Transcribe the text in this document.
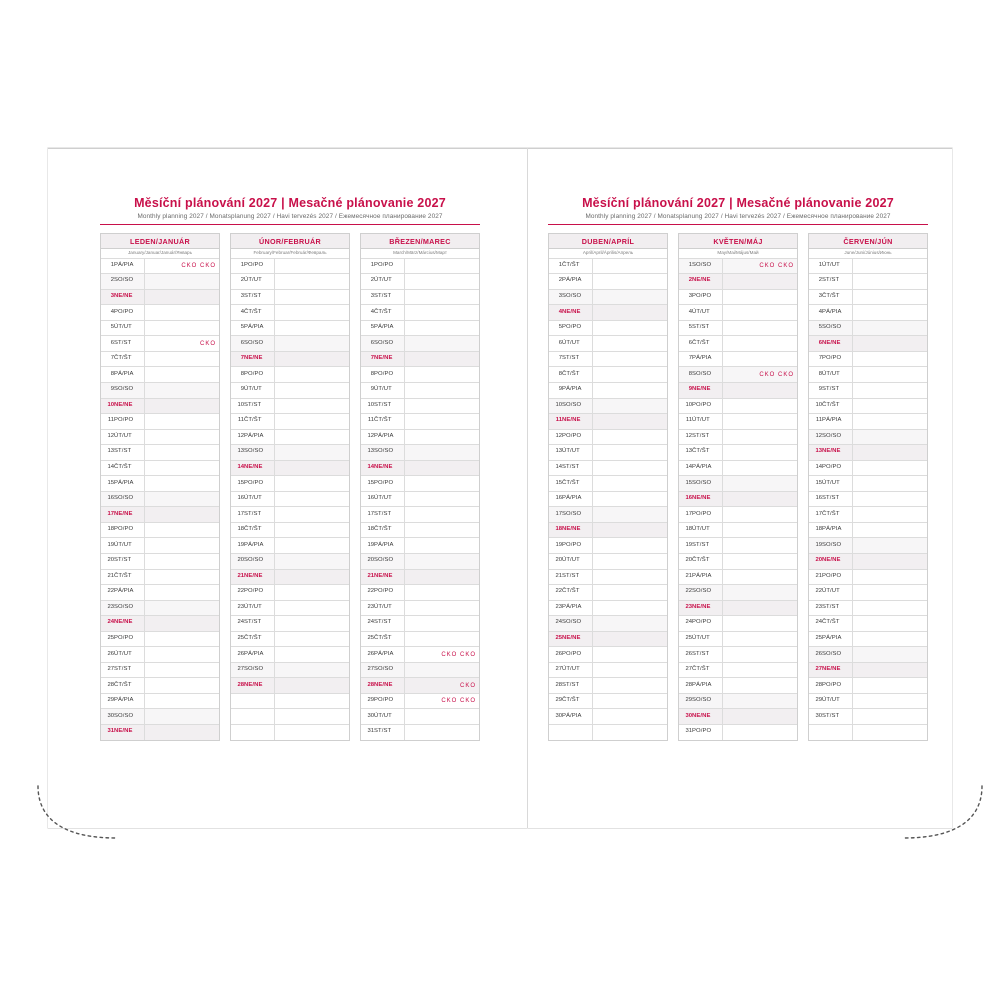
Měsíční plánování 2027 | Mesačné plánovanie 2027
Monthly planning 2027 / Monatsplanung 2027 / Havi tervezés 2027 / Ежемесячное планирование 2027
LEDEN/JANUÁR
January/Januar/Január/Январь
1	PÁ/PIA	CKO CKO

2	SO/SO	
3	NE/NE	
4	PO/PO	
5	ÚT/UT	
6	ST/ST	CKO

7	ČT/ŠT	
8	PÁ/PIA	
9	SO/SO	
10	NE/NE	
11	PO/PO	
12	ÚT/UT	
13	ST/ST	
14	ČT/ŠT	
15	PÁ/PIA	
16	SO/SO	
17	NE/NE	
18	PO/PO	
19	ÚT/UT	
20	ST/ST	
21	ČT/ŠT	
22	PÁ/PIA	
23	SO/SO	
24	NE/NE	
25	PO/PO	
26	ÚT/UT	
27	ST/ST	
28	ČT/ŠT	
29	PÁ/PIA	
30	SO/SO	
31	NE/NE	
ÚNOR/FEBRUÁR
February/Februar/Február/Февраль
1	PO/PO	
2	ÚT/UT	
3	ST/ST	
4	ČT/ŠT	
5	PÁ/PIA	
6	SO/SO	
7	NE/NE	
8	PO/PO	
9	ÚT/UT	
10	ST/ST	
11	ČT/ŠT	
12	PÁ/PIA	
13	SO/SO	
14	NE/NE	
15	PO/PO	
16	ÚT/UT	
17	ST/ST	
18	ČT/ŠT	
19	PÁ/PIA	
20	SO/SO	
21	NE/NE	
22	PO/PO	
23	ÚT/UT	
24	ST/ST	
25	ČT/ŠT	
26	PÁ/PIA	
27	SO/SO	
28	NE/NE	

BŘEZEN/MAREC
March/März/Március/Март
1	PO/PO	
2	ÚT/UT	
3	ST/ST	
4	ČT/ŠT	
5	PÁ/PIA	
6	SO/SO	
7	NE/NE	
8	PO/PO	
9	ÚT/UT	
10	ST/ST	
11	ČT/ŠT	
12	PÁ/PIA	
13	SO/SO	
14	NE/NE	
15	PO/PO	
16	ÚT/UT	
17	ST/ST	
18	ČT/ŠT	
19	PÁ/PIA	
20	SO/SO	
21	NE/NE	
22	PO/PO	
23	ÚT/UT	
24	ST/ST	
25	ČT/ŠT	
26	PÁ/PIA	CKO CKO

27	SO/SO	
28	NE/NE	CKO

29	PO/PO	CKO CKO

30	ÚT/UT	
31	ST/ST	
Měsíční plánování 2027 | Mesačné plánovanie 2027
Monthly planning 2027 / Monatsplanung 2027 / Havi tervezés 2027 / Ежемесячное планирование 2027
DUBEN/APRÍL
April/April/Április/Апрель
1	ČT/ŠT	
2	PÁ/PIA	
3	SO/SO	
4	NE/NE	
5	PO/PO	
6	ÚT/UT	
7	ST/ST	
8	ČT/ŠT	
9	PÁ/PIA	
10	SO/SO	
11	NE/NE	
12	PO/PO	
13	ÚT/UT	
14	ST/ST	
15	ČT/ŠT	
16	PÁ/PIA	
17	SO/SO	
18	NE/NE	
19	PO/PO	
20	ÚT/UT	
21	ST/ST	
22	ČT/ŠT	
23	PÁ/PIA	
24	SO/SO	
25	NE/NE	
26	PO/PO	
27	ÚT/UT	
28	ST/ST	
29	ČT/ŠT	
30	PÁ/PIA	

KVĚTEN/MÁJ
May/Mai/Május/Май
1	SO/SO	CKO CKO

2	NE/NE	
3	PO/PO	
4	ÚT/UT	
5	ST/ST	
6	ČT/ŠT	
7	PÁ/PIA	
8	SO/SO	CKO CKO

9	NE/NE	
10	PO/PO	
11	ÚT/UT	
12	ST/ST	
13	ČT/ŠT	
14	PÁ/PIA	
15	SO/SO	
16	NE/NE	
17	PO/PO	
18	ÚT/UT	
19	ST/ST	
20	ČT/ŠT	
21	PÁ/PIA	
22	SO/SO	
23	NE/NE	
24	PO/PO	
25	ÚT/UT	
26	ST/ST	
27	ČT/ŠT	
28	PÁ/PIA	
29	SO/SO	
30	NE/NE	
31	PO/PO	
ČERVEN/JÚN
June/Juni/Június/Июнь
1	ÚT/UT	
2	ST/ST	
3	ČT/ŠT	
4	PÁ/PIA	
5	SO/SO	
6	NE/NE	
7	PO/PO	
8	ÚT/UT	
9	ST/ST	
10	ČT/ŠT	
11	PÁ/PIA	
12	SO/SO	
13	NE/NE	
14	PO/PO	
15	ÚT/UT	
16	ST/ST	
17	ČT/ŠT	
18	PÁ/PIA	
19	SO/SO	
20	NE/NE	
21	PO/PO	
22	ÚT/UT	
23	ST/ST	
24	ČT/ŠT	
25	PÁ/PIA	
26	SO/SO	
27	NE/NE	
28	PO/PO	
29	ÚT/UT	
30	ST/ST	
